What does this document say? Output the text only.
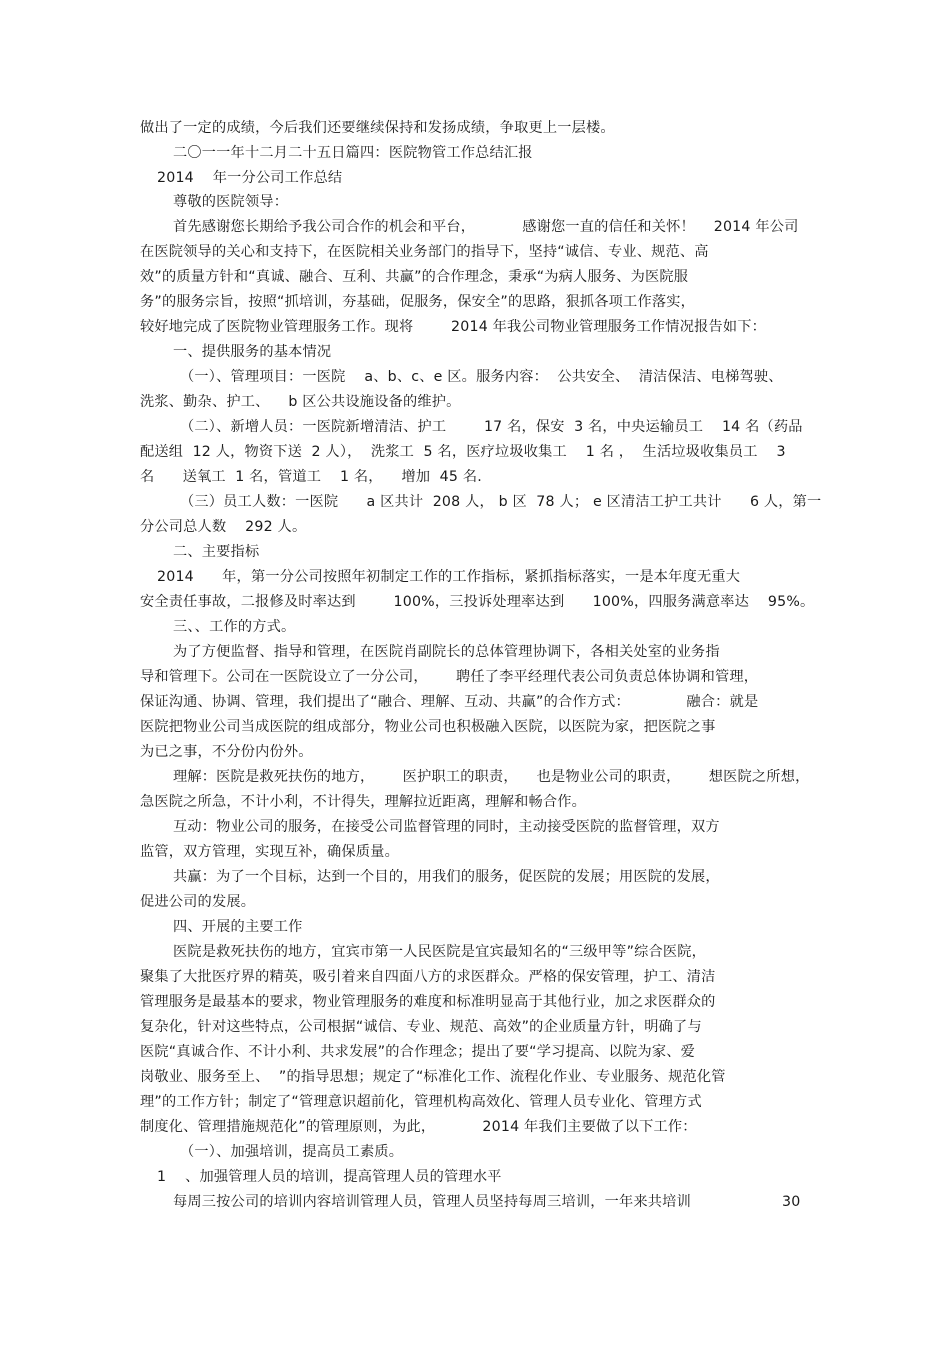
做出了一定的成绩，今后我们还要继续保持和发扬成绩，争取更上一层楼。
二〇一一年十二月二十五日篇四：医院物管工作总结汇报
2014    年一分公司工作总结
尊敬的医院领导：
首先感谢您长期给予我公司合作的机会和平台，          感谢您一直的信任和关怀！    2014 年公司
在医院领导的关心和支持下，在医院相关业务部门的指导下，坚持“诚信、专业、规范、高
效”的质量方针和“真诚、融合、互利、共赢”的合作理念，秉承“为病人服务、为医院服
务”的服务宗旨，按照“抓培训，夯基础，促服务，保安全”的思路，狠抓各项工作落实，
较好地完成了医院物业管理服务工作。现将        2014 年我公司物业管理服务工作情况报告如下：
一、提供服务的基本情况
（一）、管理项目：一医院    a、b、c、e 区。服务内容：  公共安全、  清洁保洁、电梯驾驶、
洗浆、勤杂、护工、    b 区公共设施设备的维护。
（二）、新增人员：一医院新增清洁、护工        17 名，保安  3 名，中央运输员工    14 名（药品
配送组  12 人，物资下送  2 人），  洗浆工  5 名，医疗垃圾收集工    1 名 ，  生活垃圾收集员工    3
名      送氧工  1 名，管道工    1 名，    增加  45 名.
（三）员工人数：一医院      a 区共计  208 人， b 区  78 人； e 区清洁工护工共计      6 人，第一
分公司总人数    292 人。
二、主要指标
2014      年，第一分公司按照年初制定工作的工作指标，紧抓指标落实，一是本年度无重大
安全责任事故，二报修及时率达到        100%，三投诉处理率达到      100%，四服务满意率达    95%。
三、、工作的方式。
为了方便监督、指导和管理，在医院肖副院长的总体管理协调下，各相关处室的业务指
导和管理下。公司在一医院设立了一分公司，      聘任了李平经理代表公司负责总体协调和管理，
保证沟通、协调、管理，我们提出了“融合、理解、互动、共赢”的合作方式：            融合：就是
医院把物业公司当成医院的组成部分，物业公司也积极融入医院，以医院为家，把医院之事
为已之事，不分份内份外。
理解：医院是救死扶伤的地方，      医护职工的职责，    也是物业公司的职责，      想医院之所想，
急医院之所急，不计小利，不计得失，理解拉近距离，理解和畅合作。
互动：物业公司的服务，在接受公司监督管理的同时，主动接受医院的监督管理，双方
监管，双方管理，实现互补，确保质量。
共赢：为了一个目标，达到一个目的，用我们的服务，促医院的发展；用医院的发展，
促进公司的发展。
四、开展的主要工作
医院是救死扶伤的地方，宜宾市第一人民医院是宜宾最知名的“三级甲等”综合医院，
聚集了大批医疗界的精英，吸引着来自四面八方的求医群众。严格的保安管理，护工、清洁
管理服务是最基本的要求，物业管理服务的难度和标准明显高于其他行业，加之求医群众的
复杂化，针对这些特点，公司根据“诚信、专业、规范、高效”的企业质量方针，明确了与
医院“真诚合作、不计小利、共求发展”的合作理念；提出了要“学习提高、以院为家、爱
岗敬业、服务至上、  ”的指导思想；规定了“标准化工作、流程化作业、专业服务、规范化管
理”的工作方针；制定了“管理意识超前化，管理机构高效化、管理人员专业化、管理方式
制度化、管理措施规范化”的管理原则，为此，          2014 年我们主要做了以下工作：
（一）、加强培训，提高员工素质。
1    、加强管理人员的培训，提高管理人员的管理水平
每周三按公司的培训内容培训管理人员，管理人员坚持每周三培训，一年来共培训	30
